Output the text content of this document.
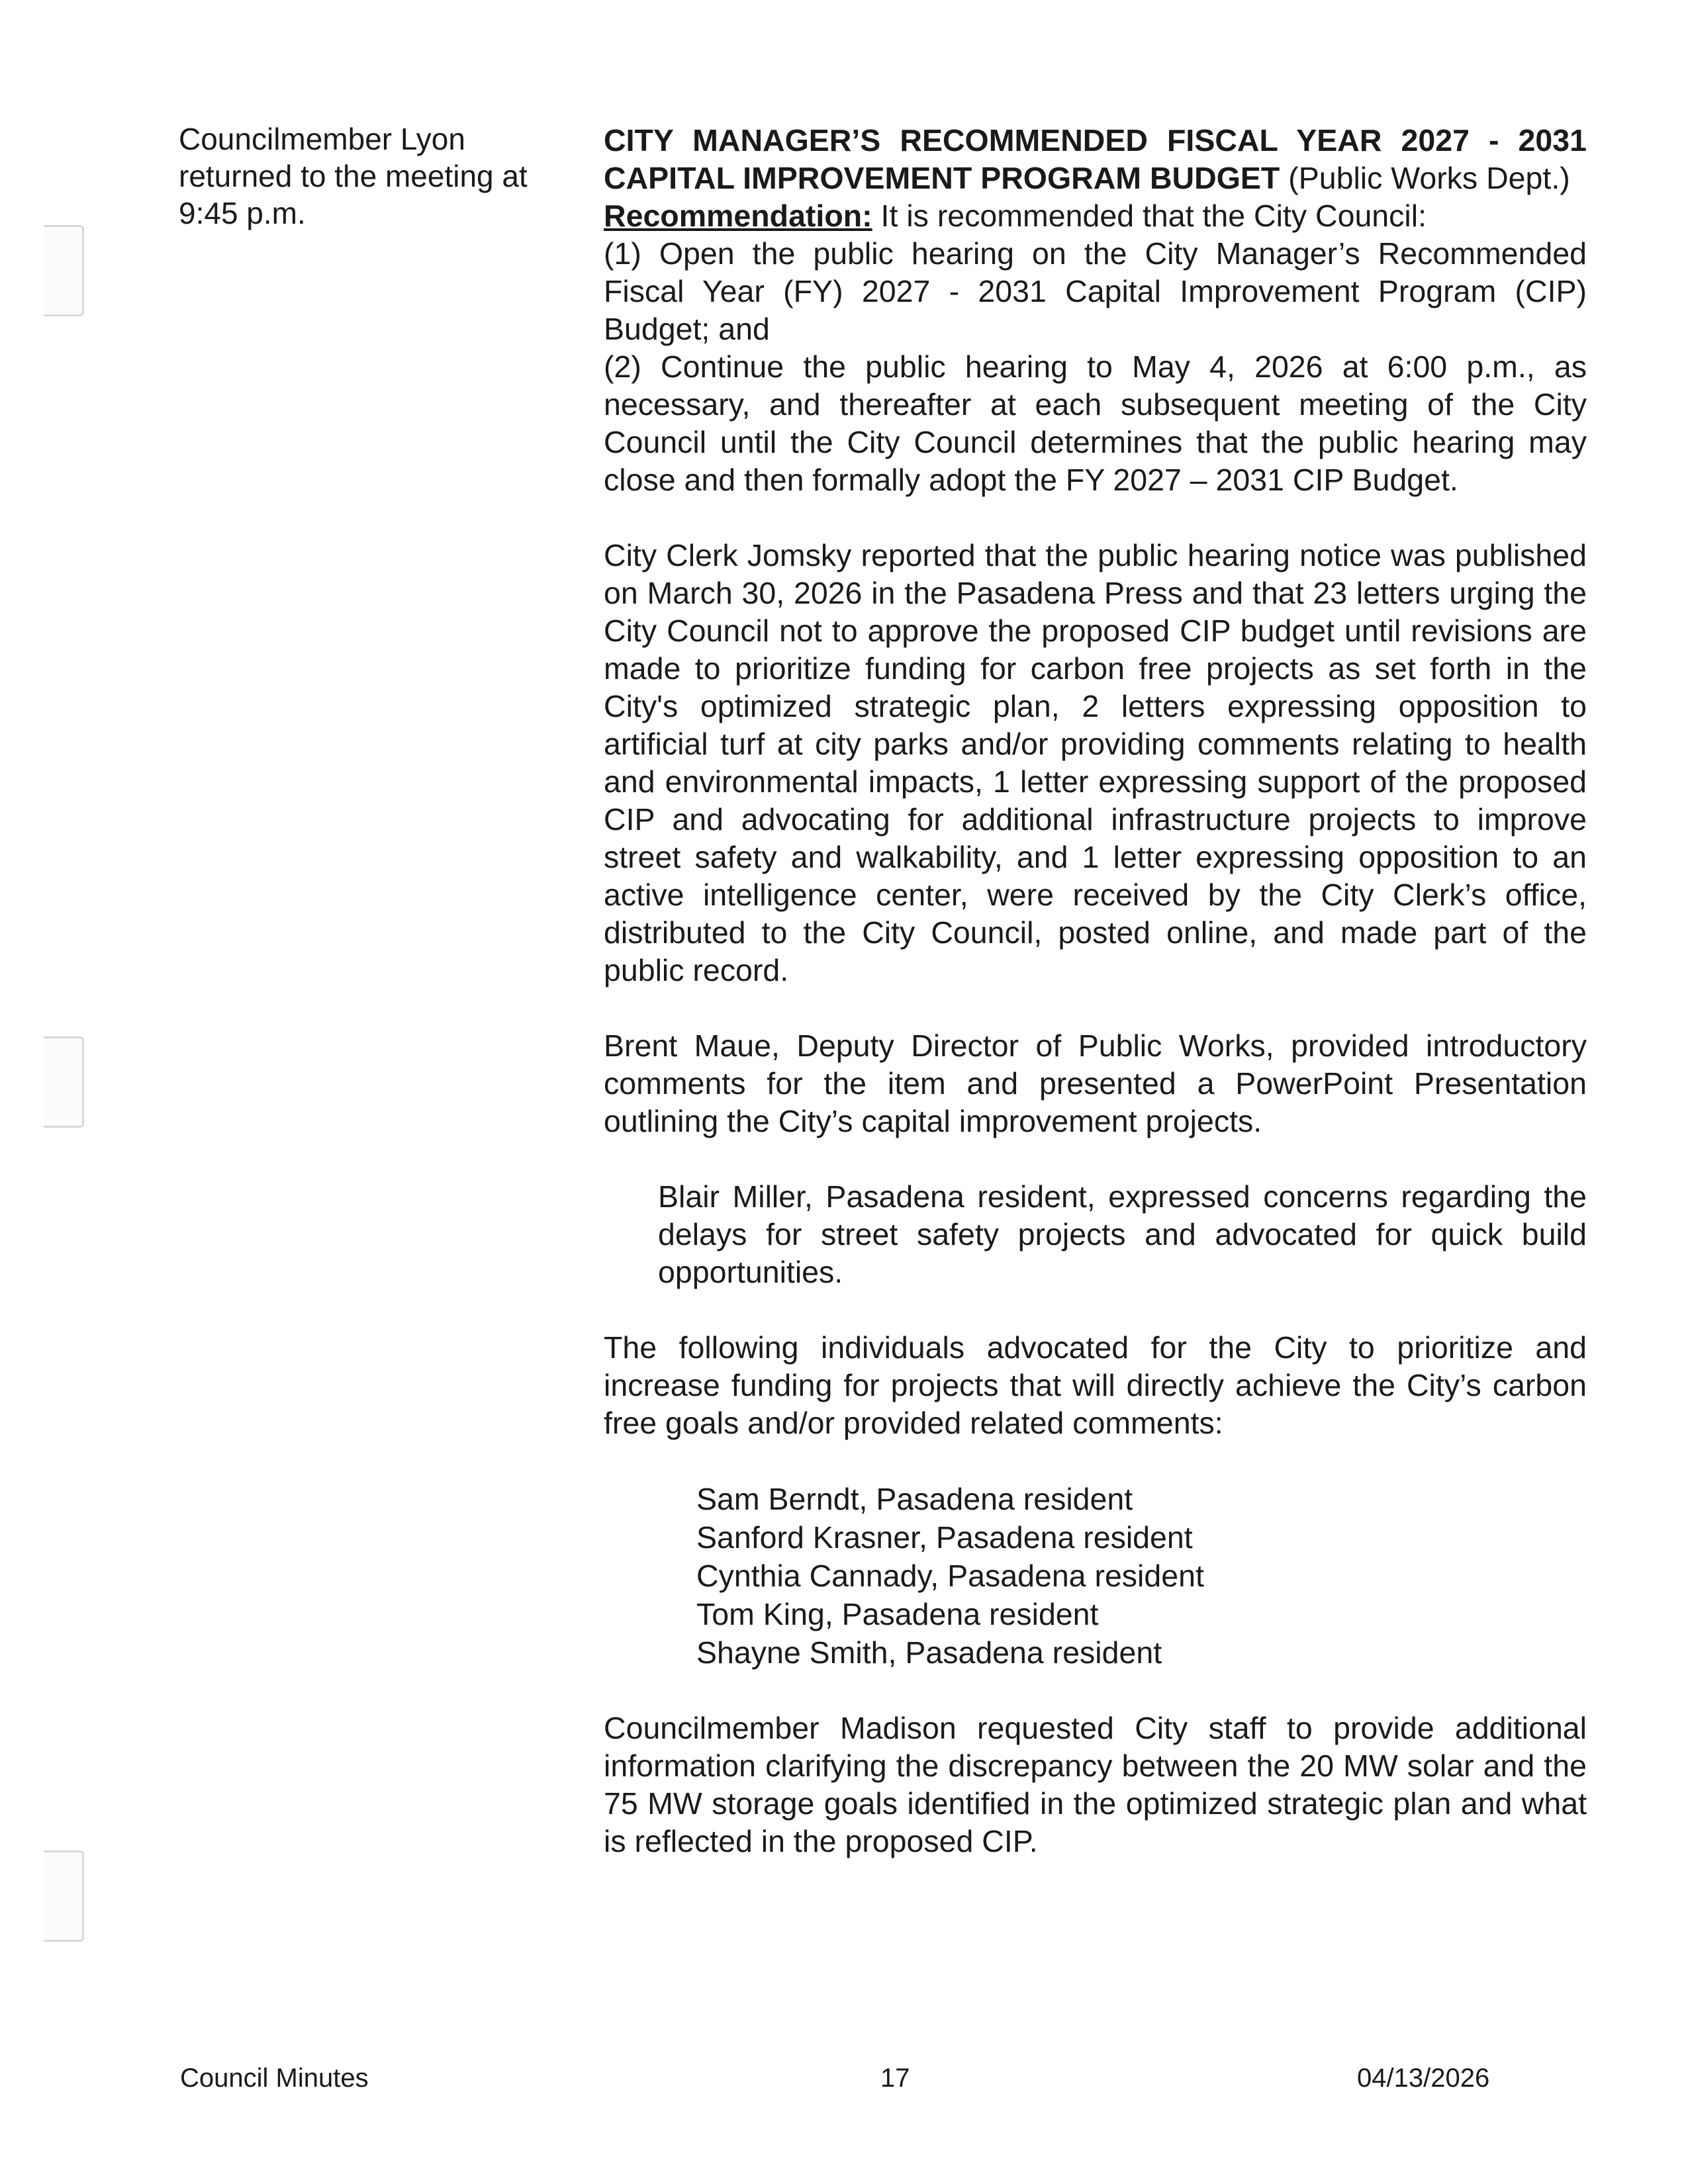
Councilmember Lyon
returned to the meeting at
9:45 p.m.

CITY MANAGER’S RECOMMENDED FISCAL YEAR 2027 - 2031 CAPITAL IMPROVEMENT PROGRAM BUDGET (Public Works Dept.)

Recommendation: It is recommended that the City Council:

(1) Open the public hearing on the City Manager’s Recommended Fiscal Year (FY) 2027 - 2031 Capital Improvement Program (CIP) Budget; and

(2) Continue the public hearing to May 4, 2026 at 6:00 p.m., as necessary, and thereafter at each subsequent meeting of the City Council until the City Council determines that the public hearing may close and then formally adopt the FY 2027 – 2031 CIP Budget.

City Clerk Jomsky reported that the public hearing notice was published on March 30, 2026 in the Pasadena Press and that 23 letters urging the City Council not to approve the proposed CIP budget until revisions are made to prioritize funding for carbon free projects as set forth in the City's optimized strategic plan, 2 letters expressing opposition to artificial turf at city parks and/or providing comments relating to health and environmental impacts, 1 letter expressing support of the proposed CIP and advocating for additional infrastructure projects to improve street safety and walkability, and 1 letter expressing opposition to an active intelligence center, were received by the City Clerk’s office, distributed to the City Council, posted online, and made part of the public record.

Brent Maue, Deputy Director of Public Works, provided introductory comments for the item and presented a PowerPoint Presentation outlining the City’s capital improvement projects.

Blair Miller, Pasadena resident, expressed concerns regarding the delays for street safety projects and advocated for quick build opportunities.

The following individuals advocated for the City to prioritize and increase funding for projects that will directly achieve the City’s carbon free goals and/or provided related comments:

Sam Berndt, Pasadena resident
Sanford Krasner, Pasadena resident
Cynthia Cannady, Pasadena resident
Tom King, Pasadena resident
Shayne Smith, Pasadena resident

Councilmember Madison requested City staff to provide additional information clarifying the discrepancy between the 20 MW solar and the 75 MW storage goals identified in the optimized strategic plan and what is reflected in the proposed CIP.

Council Minutes	17	04/13/2026
